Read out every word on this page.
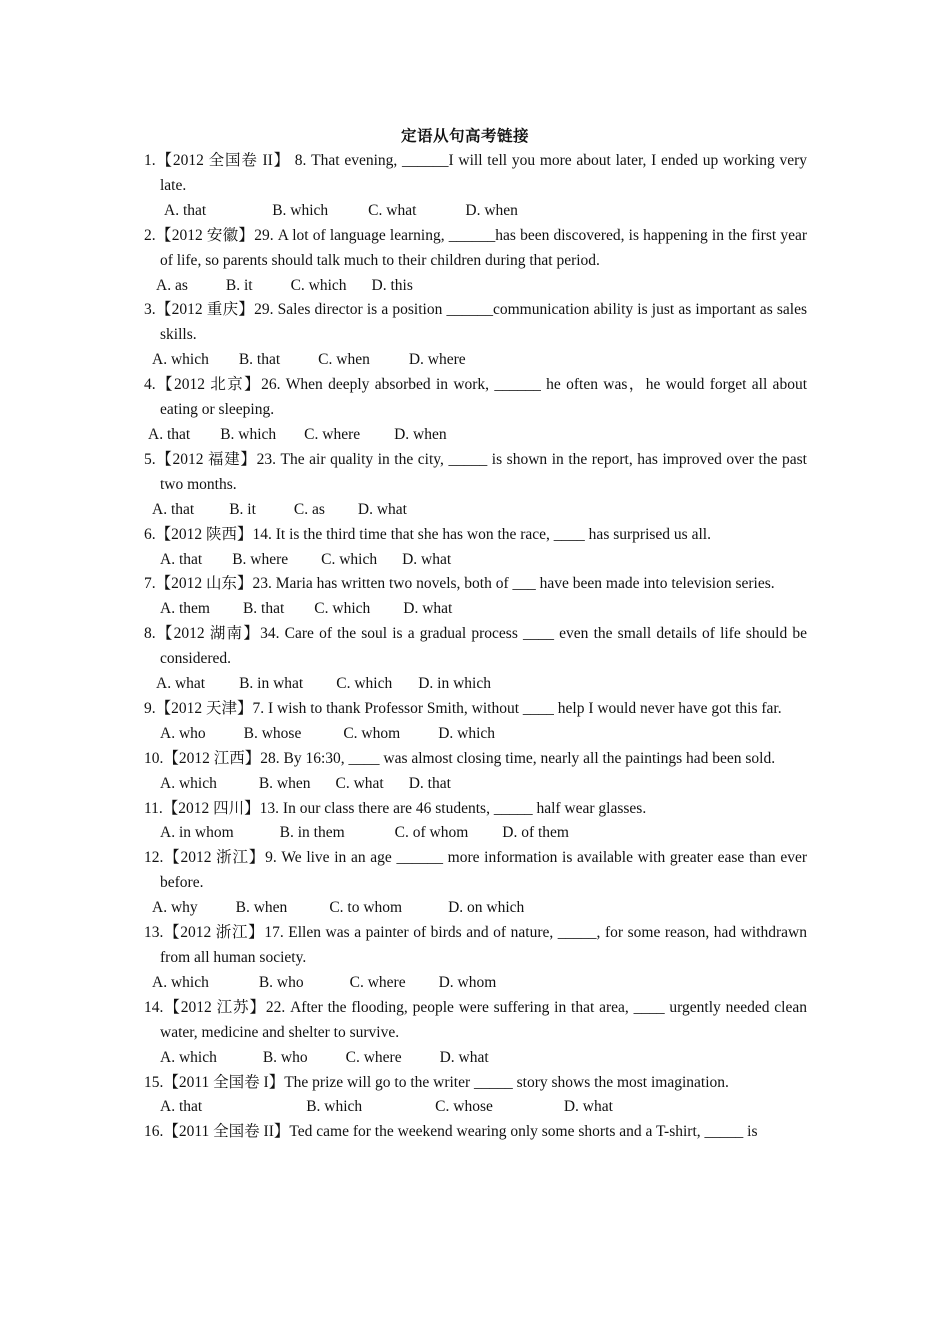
定语从句高考链接
1.【2012 全国卷 II】 8. That evening, ______I will tell you more about later, I ended up working very late.
A. that	B. which	C. what	D. when
2.【2012 安徽】29. A lot of language learning, ______has been discovered, is happening in the first year of life, so parents should talk much to their children during that period.
A. as B. it C. which D. this
3.【2012 重庆】29. Sales director is a position ______communication ability is just as important as sales skills.
A. which B. that C. when	D. where
4.【2012 北京】26. When deeply absorbed in work, ______ he often was，he would forget all about eating or sleeping.
A. that B. which C. where D. when
5.【2012 福建】23. The air quality in the city, _____ is shown in the report, has improved over the past two months.
A. that B. it C. as D. what
6.【2012 陕西】14. It is the third time that she has won the race, ____ has surprised us all.
A. that B. where C. which D. what
7.【2012 山东】23. Maria has written two novels, both of ___ have been made into television series.
A. them B. that C. which D. what
8.【2012 湖南】34. Care of the soul is a gradual process ____ even the small details of life should be considered.
A. what B. in what C. which D. in which
9.【2012 天津】7. I wish to thank Professor Smith, without ____ help I would never have got this far.
A. who B. whose	C. whom D. which
10.【2012 江西】28. By 16:30, ____ was almost closing time, nearly all the paintings had been sold.
A. which	B. when C. what D. that
11.【2012 四川】13. In our class there are 46 students, _____ half wear glasses.
A. in whom	B. in them	C. of whom D. of them
12.【2012 浙江】9. We live in an age ______ more information is available with greater ease than ever before.
A. why B. when	C. to whom	D. on which
13.【2012 浙江】17. Ellen was a painter of birds and of nature, _____, for some reason, had withdrawn from all human society.
A. which	B. who	C. where D. whom
14.【2012 江苏】22. After the flooding, people were suffering in that area, ____ urgently needed clean water, medicine and shelter to survive.
A. which	B. who C. where D. what
15.【2011 全国卷 I】The prize will go to the writer _____ story shows the most imagination.
A. that	B. which	C. whose	D. what
16.【2011 全国卷 II】Ted came for the weekend wearing only some shorts and a T-shirt, _____ is
